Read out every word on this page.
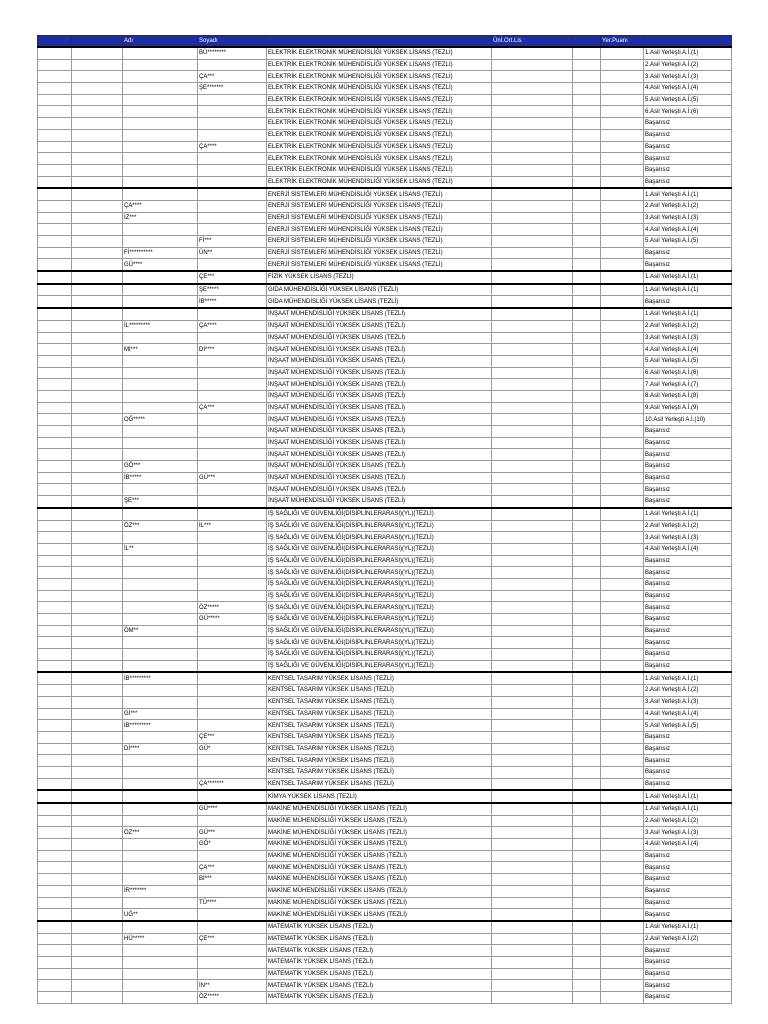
		Adı	Soyadı		Ünİ.Ort.Lis		Yer.Puanı	
			BÜ********	ELEKTRİK ELEKTRONİK MÜHENDİSLİĞİ YÜKSEK LİSANS (TEZLİ)				1.Asil Yerleşti A.İ.(1)
				ELEKTRİK ELEKTRONİK MÜHENDİSLİĞİ YÜKSEK LİSANS (TEZLİ)				2.Asil Yerleşti A.İ.(2)
			ÇA***	ELEKTRİK ELEKTRONİK MÜHENDİSLİĞİ YÜKSEK LİSANS (TEZLİ)				3.Asil Yerleşti A.İ.(3)
			ŞE*******	ELEKTRİK ELEKTRONİK MÜHENDİSLİĞİ YÜKSEK LİSANS (TEZLİ)				4.Asil Yerleşti A.İ.(4)
				ELEKTRİK ELEKTRONİK MÜHENDİSLİĞİ YÜKSEK LİSANS (TEZLİ)				5.Asil Yerleşti A.İ.(5)
				ELEKTRİK ELEKTRONİK MÜHENDİSLİĞİ YÜKSEK LİSANS (TEZLİ)				6.Asil Yerleşti A.İ.(6)
				ELEKTRİK ELEKTRONİK MÜHENDİSLİĞİ YÜKSEK LİSANS (TEZLİ)				Başarısız
				ELEKTRİK ELEKTRONİK MÜHENDİSLİĞİ YÜKSEK LİSANS (TEZLİ)				Başarısız
			ÇA****	ELEKTRİK ELEKTRONİK MÜHENDİSLİĞİ YÜKSEK LİSANS (TEZLİ)				Başarısız
				ELEKTRİK ELEKTRONİK MÜHENDİSLİĞİ YÜKSEK LİSANS (TEZLİ)				Başarısız
				ELEKTRİK ELEKTRONİK MÜHENDİSLİĞİ YÜKSEK LİSANS (TEZLİ)				Başarısız
				ELEKTRİK ELEKTRONİK MÜHENDİSLİĞİ YÜKSEK LİSANS (TEZLİ)				Başarısız
				ENERJİ SİSTEMLERİ MÜHENDİSLİĞİ YÜKSEK LİSANS (TEZLİ)				1.Asil Yerleşti A.İ.(1)
		ÇA****		ENERJİ SİSTEMLERİ MÜHENDİSLİĞİ YÜKSEK LİSANS (TEZLİ)				2.Asil Yerleşti A.İ.(2)
		İZ***		ENERJİ SİSTEMLERİ MÜHENDİSLİĞİ YÜKSEK LİSANS (TEZLİ)				3.Asil Yerleşti A.İ.(3)
				ENERJİ SİSTEMLERİ MÜHENDİSLİĞİ YÜKSEK LİSANS (TEZLİ)				4.Asil Yerleşti A.İ.(4)
			Fİ***	ENERJİ SİSTEMLERİ MÜHENDİSLİĞİ YÜKSEK LİSANS (TEZLİ)				5.Asil Yerleşti A.İ.(5)
		Fİ**********	ÜN**	ENERJİ SİSTEMLERİ MÜHENDİSLİĞİ YÜKSEK LİSANS (TEZLİ)				Başarısız
		GÜ****		ENERJİ SİSTEMLERİ MÜHENDİSLİĞİ YÜKSEK LİSANS (TEZLİ)				Başarısız
			ÇE***	FİZİK YÜKSEK LİSANS (TEZLİ)				1.Asil Yerleşti A.İ.(1)
			ŞE*****	GIDA MÜHENDİSLİĞİ YÜKSEK LİSANS (TEZLİ)				1.Asil Yerleşti A.İ.(1)
			İB*****	GIDA MÜHENDİSLİĞİ YÜKSEK LİSANS (TEZLİ)				Başarısız
				İNŞAAT MÜHENDİSLİĞİ YÜKSEK LİSANS (TEZLİ)				1.Asil Yerleşti A.İ.(1)
		İL*********	ÇA****	İNŞAAT MÜHENDİSLİĞİ YÜKSEK LİSANS (TEZLİ)				2.Asil Yerleşti A.İ.(2)
				İNŞAAT MÜHENDİSLİĞİ YÜKSEK LİSANS (TEZLİ)				3.Asil Yerleşti A.İ.(3)
		Mİ***	Dİ****	İNŞAAT MÜHENDİSLİĞİ YÜKSEK LİSANS (TEZLİ)				4.Asil Yerleşti A.İ.(4)
				İNŞAAT MÜHENDİSLİĞİ YÜKSEK LİSANS (TEZLİ)				5.Asil Yerleşti A.İ.(5)
				İNŞAAT MÜHENDİSLİĞİ YÜKSEK LİSANS (TEZLİ)				6.Asil Yerleşti A.İ.(6)
				İNŞAAT MÜHENDİSLİĞİ YÜKSEK LİSANS (TEZLİ)				7.Asil Yerleşti A.İ.(7)
				İNŞAAT MÜHENDİSLİĞİ YÜKSEK LİSANS (TEZLİ)				8.Asil Yerleşti A.İ.(8)
			ÇA***	İNŞAAT MÜHENDİSLİĞİ YÜKSEK LİSANS (TEZLİ)				9.Asil Yerleşti A.İ.(9)
		OĞ*****		İNŞAAT MÜHENDİSLİĞİ YÜKSEK LİSANS (TEZLİ)				10.Asil Yerleşti A.İ.(10)
				İNŞAAT MÜHENDİSLİĞİ YÜKSEK LİSANS (TEZLİ)				Başarısız
				İNŞAAT MÜHENDİSLİĞİ YÜKSEK LİSANS (TEZLİ)				Başarısız
				İNŞAAT MÜHENDİSLİĞİ YÜKSEK LİSANS (TEZLİ)				Başarısız
		GÖ***		İNŞAAT MÜHENDİSLİĞİ YÜKSEK LİSANS (TEZLİ)				Başarısız
		İB*****	GÜ***	İNŞAAT MÜHENDİSLİĞİ YÜKSEK LİSANS (TEZLİ)				Başarısız
				İNŞAAT MÜHENDİSLİĞİ YÜKSEK LİSANS (TEZLİ)				Başarısız
		ŞE***		İNŞAAT MÜHENDİSLİĞİ YÜKSEK LİSANS (TEZLİ)				Başarısız
				İŞ SAĞLIĞI VE GÜVENLİĞİ(DİSİPLİNLERARASI)(YL)(TEZLİ)				1.Asil Yerleşti A.İ.(1)
		ÖZ***	İL***	İŞ SAĞLIĞI VE GÜVENLİĞİ(DİSİPLİNLERARASI)(YL)(TEZLİ)				2.Asil Yerleşti A.İ.(2)
				İŞ SAĞLIĞI VE GÜVENLİĞİ(DİSİPLİNLERARASI)(YL)(TEZLİ)				3.Asil Yerleşti A.İ.(3)
		İL**		İŞ SAĞLIĞI VE GÜVENLİĞİ(DİSİPLİNLERARASI)(YL)(TEZLİ)				4.Asil Yerleşti A.İ.(4)
				İŞ SAĞLIĞI VE GÜVENLİĞİ(DİSİPLİNLERARASI)(YL)(TEZLİ)				Başarısız
				İŞ SAĞLIĞI VE GÜVENLİĞİ(DİSİPLİNLERARASI)(YL)(TEZLİ)				Başarısız
				İŞ SAĞLIĞI VE GÜVENLİĞİ(DİSİPLİNLERARASI)(YL)(TEZLİ)				Başarısız
				İŞ SAĞLIĞI VE GÜVENLİĞİ(DİSİPLİNLERARASI)(YL)(TEZLİ)				Başarısız
			ÖZ*****	İŞ SAĞLIĞI VE GÜVENLİĞİ(DİSİPLİNLERARASI)(YL)(TEZLİ)				Başarısız
			GÜ*****	İŞ SAĞLIĞI VE GÜVENLİĞİ(DİSİPLİNLERARASI)(YL)(TEZLİ)				Başarısız
		ÖM**		İŞ SAĞLIĞI VE GÜVENLİĞİ(DİSİPLİNLERARASI)(YL)(TEZLİ)				Başarısız
				İŞ SAĞLIĞI VE GÜVENLİĞİ(DİSİPLİNLERARASI)(YL)(TEZLİ)				Başarısız
				İŞ SAĞLIĞI VE GÜVENLİĞİ(DİSİPLİNLERARASI)(YL)(TEZLİ)				Başarısız
				İŞ SAĞLIĞI VE GÜVENLİĞİ(DİSİPLİNLERARASI)(YL)(TEZLİ)				Başarısız
		İB*********		KENTSEL TASARIM YÜKSEK LİSANS (TEZLİ)				1.Asil Yerleşti A.İ.(1)
				KENTSEL TASARIM YÜKSEK LİSANS (TEZLİ)				2.Asil Yerleşti A.İ.(2)
				KENTSEL TASARIM YÜKSEK LİSANS (TEZLİ)				3.Asil Yerleşti A.İ.(3)
		Gİ***		KENTSEL TASARIM YÜKSEK LİSANS (TEZLİ)				4.Asil Yerleşti A.İ.(4)
		İB*********		KENTSEL TASARIM YÜKSEK LİSANS (TEZLİ)				5.Asil Yerleşti A.İ.(5)
			ÇE***	KENTSEL TASARIM YÜKSEK LİSANS (TEZLİ)				Başarısız
		Dİ****	GÜ*	KENTSEL TASARIM YÜKSEK LİSANS (TEZLİ)				Başarısız
				KENTSEL TASARIM YÜKSEK LİSANS (TEZLİ)				Başarısız
				KENTSEL TASARIM YÜKSEK LİSANS (TEZLİ)				Başarısız
			ÇA*******	KENTSEL TASARIM YÜKSEK LİSANS (TEZLİ)				Başarısız
				KİMYA YÜKSEK LİSANS (TEZLİ)				1.Asil Yerleşti A.İ.(1)
			GÜ****	MAKİNE MÜHENDİSLİĞİ YÜKSEK LİSANS (TEZLİ)				1.Asil Yerleşti A.İ.(1)
				MAKİNE MÜHENDİSLİĞİ YÜKSEK LİSANS (TEZLİ)				2.Asil Yerleşti A.İ.(2)
		ÖZ***	GÜ***	MAKİNE MÜHENDİSLİĞİ YÜKSEK LİSANS (TEZLİ)				3.Asil Yerleşti A.İ.(3)
			GÖ*	MAKİNE MÜHENDİSLİĞİ YÜKSEK LİSANS (TEZLİ)				4.Asil Yerleşti A.İ.(4)
				MAKİNE MÜHENDİSLİĞİ YÜKSEK LİSANS (TEZLİ)				Başarısız
			ÇA***	MAKİNE MÜHENDİSLİĞİ YÜKSEK LİSANS (TEZLİ)				Başarısız
			Bİ***	MAKİNE MÜHENDİSLİĞİ YÜKSEK LİSANS (TEZLİ)				Başarısız
		İR*******		MAKİNE MÜHENDİSLİĞİ YÜKSEK LİSANS (TEZLİ)				Başarısız
			TÜ****	MAKİNE MÜHENDİSLİĞİ YÜKSEK LİSANS (TEZLİ)				Başarısız
		UĞ**		MAKİNE MÜHENDİSLİĞİ YÜKSEK LİSANS (TEZLİ)				Başarısız
				MATEMATİK YÜKSEK LİSANS (TEZLİ)				1.Asil Yerleşti A.İ.(1)
		HÜ*****	ÇE***	MATEMATİK YÜKSEK LİSANS (TEZLİ)				2.Asil Yerleşti A.İ.(2)
				MATEMATİK YÜKSEK LİSANS (TEZLİ)				Başarısız
				MATEMATİK YÜKSEK LİSANS (TEZLİ)				Başarısız
				MATEMATİK YÜKSEK LİSANS (TEZLİ)				Başarısız
			İN**	MATEMATİK YÜKSEK LİSANS (TEZLİ)				Başarısız
			ÖZ*****	MATEMATİK YÜKSEK LİSANS (TEZLİ)				Başarısız
